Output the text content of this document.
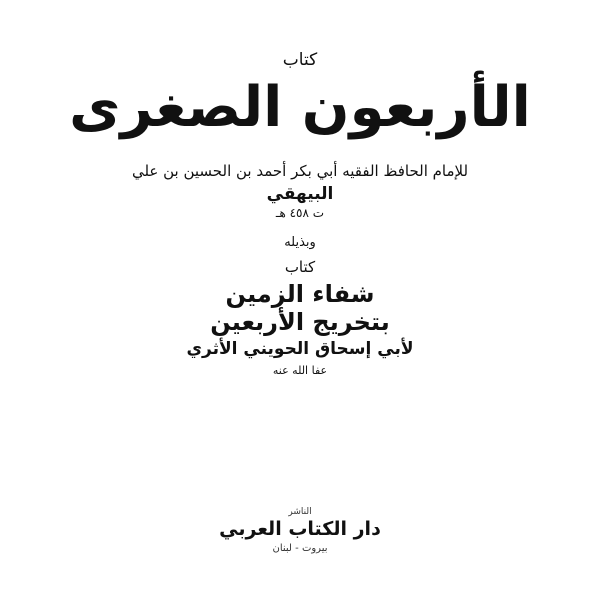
كتاب
الأربعون الصغرى
للإمام الحافظ الفقيه أبي بكر أحمد بن الحسين بن علي
البيهقي
ت ٤٥٨ هـ
وبذيله
كتاب
شفاء الزمين
بتخريج الأربعين
لأبي إسحاق الحويني الأثري
عفا الله عنه
الناشر
دار الكتاب العربي
بيروت - لبنان
